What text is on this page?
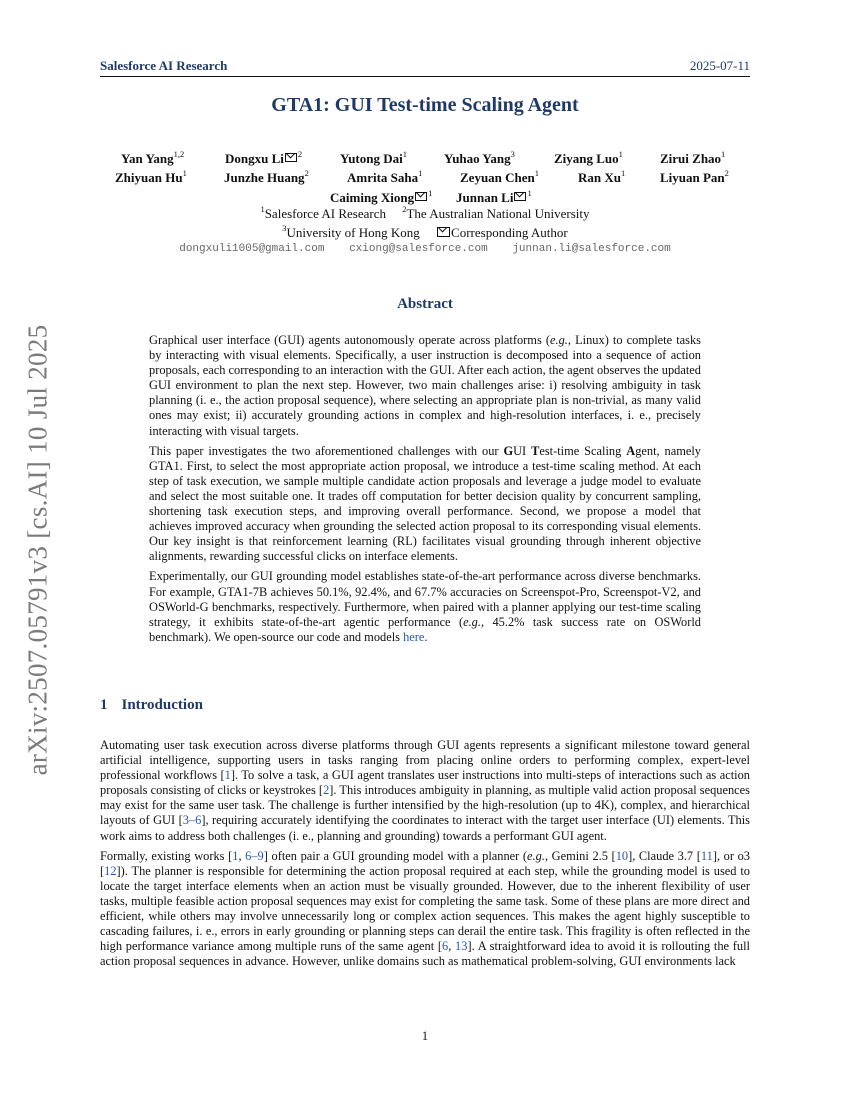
Salesforce AI Research	2025-07-11
arXiv:2507.05791v3 [cs.AI] 10 Jul 2025
GTA1: GUI Test-time Scaling Agent
Yan Yang$^{1,2}$	Dongxu Li $^2$	Yutong Dai$^1$	Yuhao Yang$^3$	Ziyang Luo$^1$	Zirui Zhao$^1$
Zhiyuan Hu$^1$	Junzhe Huang$^2$	Amrita Saha$^1$	Zeyuan Chen$^1$	Ran Xu$^1$	Liyuan Pan$^2$
Caiming Xiong $^1$ Junnan Li $^1$
$^1$Salesforce AI Research $^2$The Australian National University
$^3$University of Hong Kong Corresponding Author
dongxuli1005@gmail.com cxiong@salesforce.com junnan.li@salesforce.com
Abstract

Graphical user interface (GUI) agents autonomously operate across platforms (e.g., Linux) to complete tasks by interacting with visual elements. Specifically, a user instruction is decomposed into a sequence of action proposals, each corresponding to an interaction with the GUI. After each action, the agent observes the updated GUI environment to plan the next step. However, two main challenges arise: i) resolving ambiguity in task planning (i. e., the action proposal sequence), where selecting an appropriate plan is non-trivial, as many valid ones may exist; ii) accurately grounding actions in complex and high-resolution interfaces, i. e., precisely interacting with visual targets.

This paper investigates the two aforementioned challenges with our GUI Test-time Scaling Agent, namely GTA1. First, to select the most appropriate action proposal, we introduce a test-time scaling method. At each step of task execution, we sample multiple candidate action proposals and leverage a judge model to evaluate and select the most suitable one. It trades off computation for better decision quality by concurrent sampling, shortening task execution steps, and improving overall performance. Second, we propose a model that achieves improved accuracy when grounding the selected action proposal to its corresponding visual elements. Our key insight is that reinforcement learning (RL) facilitates visual grounding through inherent objective alignments, rewarding successful clicks on interface elements.

Experimentally, our GUI grounding model establishes state-of-the-art performance across diverse benchmarks. For example, GTA1-7B achieves 50.1%, 92.4%, and 67.7% accuracies on Screenspot-Pro, Screenspot-V2, and OSWorld-G benchmarks, respectively. Furthermore, when paired with a planner applying our test-time scaling strategy, it exhibits state-of-the-art agentic performance (e.g., 45.2% task success rate on OSWorld benchmark). We open-source our code and models here.

1 Introduction

Automating user task execution across diverse platforms through GUI agents represents a significant milestone toward general artificial intelligence, supporting users in tasks ranging from placing online orders to performing complex, expert-level professional workflows [1]. To solve a task, a GUI agent translates user instructions into multi-steps of interactions such as action proposals consisting of clicks or keystrokes [2]. This introduces ambiguity in planning, as multiple valid action proposal sequences may exist for the same user task. The challenge is further intensified by the high-resolution (up to 4K), complex, and hierarchical layouts of GUI [3–6], requiring accurately identifying the coordinates to interact with the target user interface (UI) elements. This work aims to address both challenges (i. e., planning and grounding) towards a performant GUI agent.

Formally, existing works [1, 6–9] often pair a GUI grounding model with a planner (e.g., Gemini 2.5 [10], Claude 3.7 [11], or o3 [12]). The planner is responsible for determining the action proposal required at each step, while the grounding model is used to locate the target interface elements when an action must be visually grounded. However, due to the inherent flexibility of user tasks, multiple feasible action proposal sequences may exist for completing the same task. Some of these plans are more direct and efficient, while others may involve unnecessarily long or complex action sequences. This makes the agent highly susceptible to cascading failures, i. e., errors in early grounding or planning steps can derail the entire task. This fragility is often reflected in the high performance variance among multiple runs of the same agent [6, 13]. A straightforward idea to avoid it is rollouting the full action proposal sequences in advance. However, unlike domains such as mathematical problem-solving, GUI environments lack

1
